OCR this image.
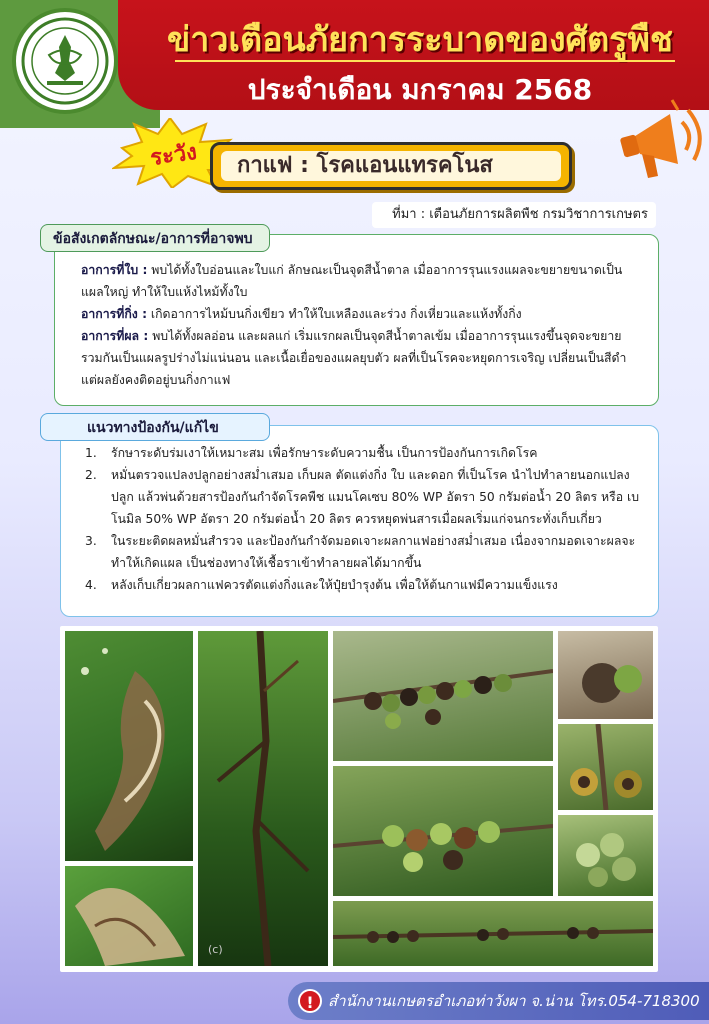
ข่าวเตือนภัยการระบาดของศัตรูพืช
ประจำเดือน มกราคม 2568
ระวัง	กาแฟ : โรคแอนแทรคโนส
ที่มา : เตือนภัยการผลิตพืช กรมวิชาการเกษตร
อาการที่ใบ : พบได้ทั้งใบอ่อนและใบแก่ ลักษณะเป็นจุดสีน้ำตาล เมื่ออาการรุนแรงแผลจะขยายขนาดเป็นแผลใหญ่ ทำให้ใบแห้งไหม้ทั้งใบ
อาการที่กิ่ง : เกิดอาการไหม้บนกิ่งเขียว ทำให้ใบเหลืองและร่วง กิ่งเหี่ยวและแห้งทั้งกิ่ง
อาการที่ผล : พบได้ทั้งผลอ่อน และผลแก่ เริ่มแรกผลเป็นจุดสีน้ำตาลเข้ม เมื่ออาการรุนแรงขึ้นจุดจะขยายรวมกันเป็นแผลรูปร่างไม่แน่นอน และเนื้อเยื่อของแผลยุบตัว ผลที่เป็นโรคจะหยุดการเจริญ เปลี่ยนเป็นสีดำ แต่ผลยังคงติดอยู่บนกิ่งกาแฟ
ข้อสังเกตลักษณะ/อาการที่อาจพบ
1. รักษาระดับร่มเงาให้เหมาะสม เพื่อรักษาระดับความชื้น เป็นการป้องกันการเกิดโรค
2. หมั่นตรวจแปลงปลูกอย่างสม่ำเสมอ เก็บผล ตัดแต่งกิ่ง ใบ และดอก ที่เป็นโรค นำไปทำลายนอกแปลงปลูก แล้วพ่นด้วยสารป้องกันกำจัดโรคพืช แมนโคเซบ 80% WP อัตรา 50 กรัมต่อน้ำ 20 ลิตร หรือ เบโนมิล 50% WP อัตรา 20 กรัมต่อน้ำ 20 ลิตร ควรหยุดพ่นสารเมื่อผลเริ่มแก่จนกระทั่งเก็บเกี่ยว
3. ในระยะติดผลหมั่นสำรวจ และป้องกันกำจัดมอดเจาะผลกาแฟอย่างสม่ำเสมอ เนื่องจากมอดเจาะผลจะทำให้เกิดแผล เป็นช่องทางให้เชื้อราเข้าทำลายผลได้มากขึ้น
4. หลังเก็บเกี่ยวผลกาแฟควรตัดแต่งกิ่งและให้ปุ๋ยบำรุงต้น เพื่อให้ต้นกาแฟมีความแข็งแรง
แนวทางป้องกัน/แก้ไข
(c)
! สำนักงานเกษตรอำเภอท่าวังผา จ.น่าน โทร.054-718300
